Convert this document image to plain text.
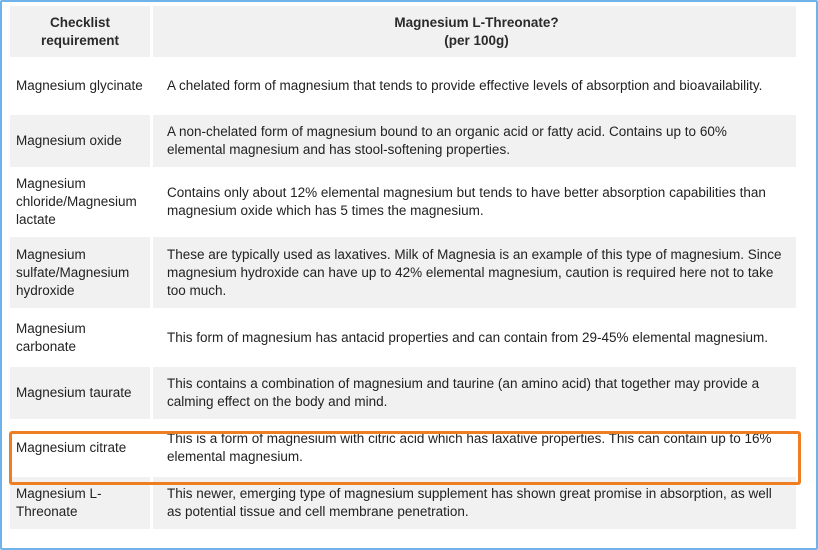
Checklist
requirement
Magnesium L-Threonate?
(per 100g)
Magnesium glycinate	A chelated form of magnesium that tends to provide effective levels of absorption and bioavailability.
Magnesium oxide
A non-chelated form of magnesium bound to an organic acid or fatty acid. Contains up to 60% elemental magnesium and has stool-softening properties.
Magnesium chloride/Magnesium lactate
Contains only about 12% elemental magnesium but tends to have better absorption capabilities than magnesium oxide which has 5 times the magnesium.
Magnesium sulfate/Magnesium hydroxide
These are typically used as laxatives. Milk of Magnesia is an example of this type of magnesium. Since magnesium hydroxide can have up to 42% elemental magnesium, caution is required here not to take too much.
Magnesium carbonate
This form of magnesium has antacid properties and can contain from 29-45% elemental magnesium.
Magnesium taurate
This contains a combination of magnesium and taurine (an amino acid) that together may provide a calming effect on the body and mind.
Magnesium citrate
This is a form of magnesium with citric acid which has laxative properties. This can contain up to 16% elemental magnesium.
Magnesium L-Threonate
This newer, emerging type of magnesium supplement has shown great promise in absorption, as well as potential tissue and cell membrane penetration.
